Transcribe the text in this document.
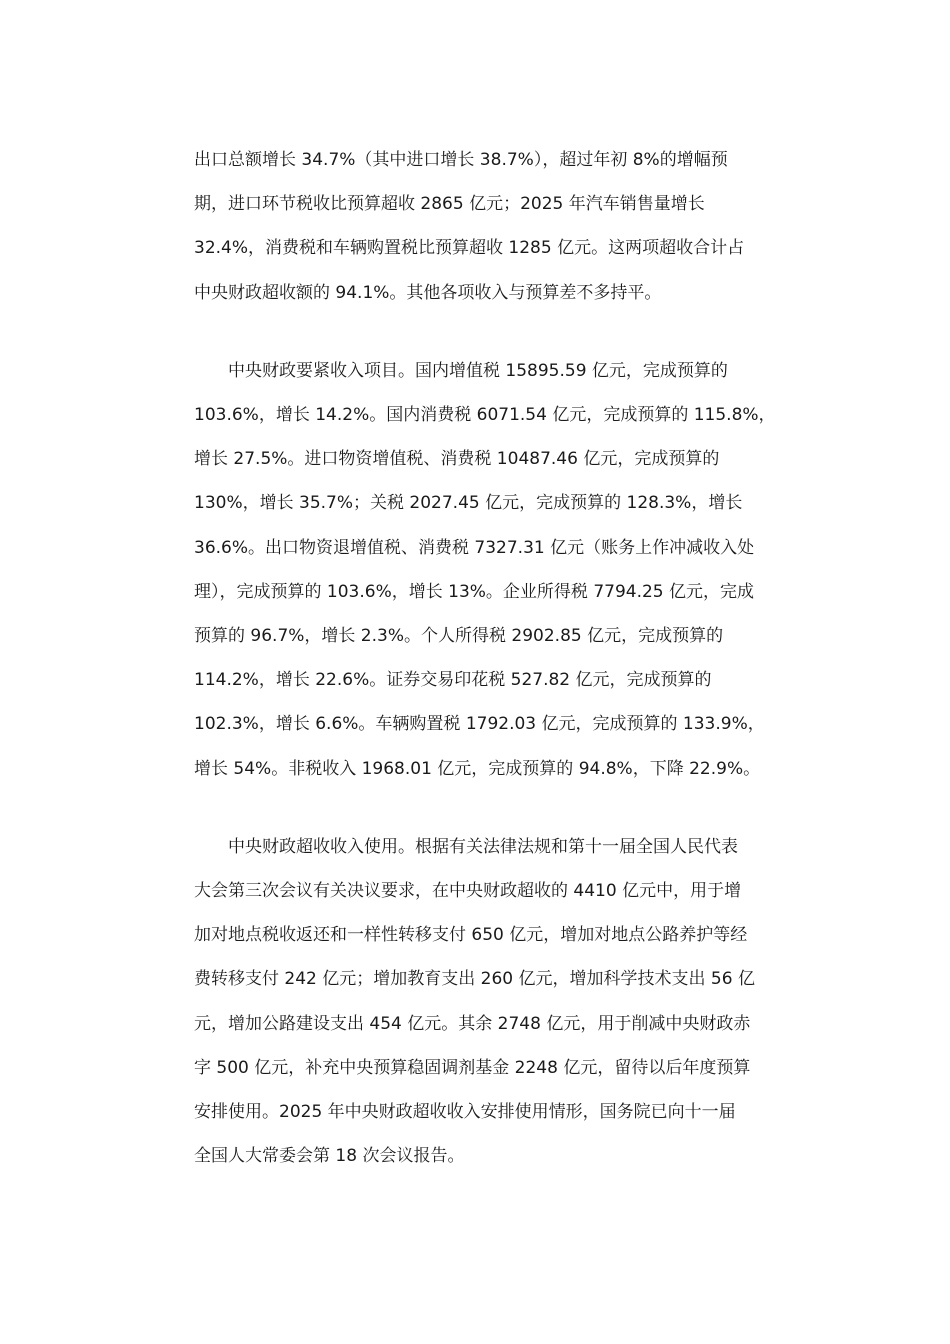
出口总额增长 34.7%（其中进口增长 38.7%），超过年初 8%的增幅预
期，进口环节税收比预算超收 2865 亿元；2025 年汽车销售量增长
32.4%，消费税和车辆购置税比预算超收 1285 亿元。这两项超收合计占
中央财政超收额的 94.1%。其他各项收入与预算差不多持平。
中央财政要紧收入项目。国内增值税 15895.59 亿元，完成预算的
103.6%，增长 14.2%。国内消费税 6071.54 亿元，完成预算的 115.8%，
增长 27.5%。进口物资增值税、消费税 10487.46 亿元，完成预算的
130%，增长 35.7%；关税 2027.45 亿元，完成预算的 128.3%，增长
36.6%。出口物资退增值税、消费税 7327.31 亿元（账务上作冲减收入处
理），完成预算的 103.6%，增长 13%。企业所得税 7794.25 亿元，完成
预算的 96.7%，增长 2.3%。个人所得税 2902.85 亿元，完成预算的
114.2%，增长 22.6%。证券交易印花税 527.82 亿元，完成预算的
102.3%，增长 6.6%。车辆购置税 1792.03 亿元，完成预算的 133.9%，
增长 54%。非税收入 1968.01 亿元，完成预算的 94.8%，下降 22.9%。
中央财政超收收入使用。根据有关法律法规和第十一届全国人民代表
大会第三次会议有关决议要求，在中央财政超收的 4410 亿元中，用于增
加对地点税收返还和一样性转移支付 650 亿元，增加对地点公路养护等经
费转移支付 242 亿元；增加教育支出 260 亿元，增加科学技术支出 56 亿
元，增加公路建设支出 454 亿元。其余 2748 亿元，用于削减中央财政赤
字 500 亿元，补充中央预算稳固调剂基金 2248 亿元，留待以后年度预算
安排使用。2025 年中央财政超收收入安排使用情形，国务院已向十一届
全国人大常委会第 18 次会议报告。
